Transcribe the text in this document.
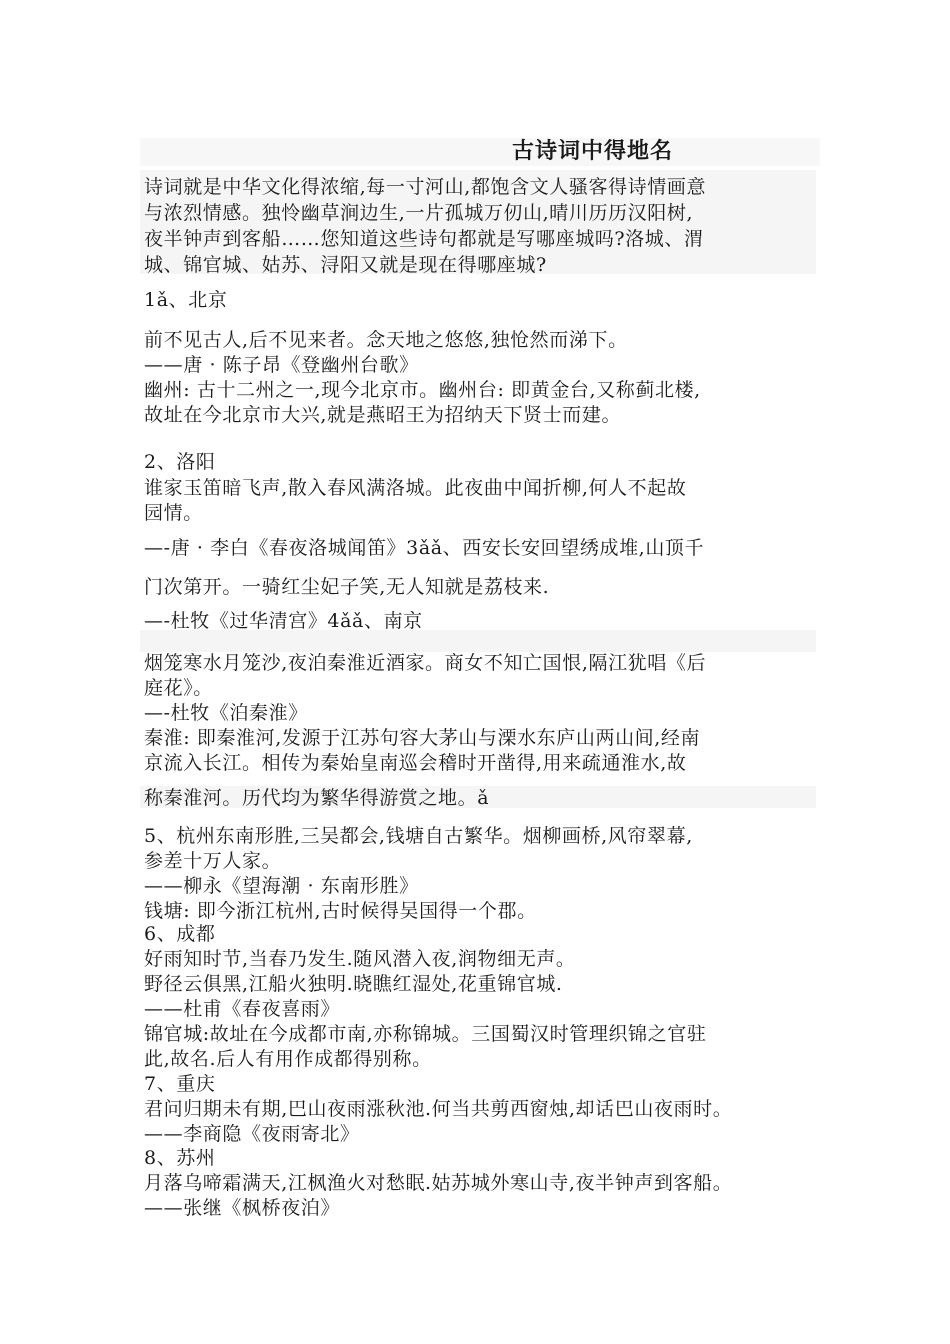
古诗词中得地名
诗词就是中华文化得浓缩,每一寸河山,都饱含文人骚客得诗情画意
与浓烈情感。独怜幽草涧边生,一片孤城万仞山,晴川历历汉阳树,
夜半钟声到客船……您知道这些诗句都就是写哪座城吗?洛城、渭
城、锦官城、姑苏、浔阳又就是现在得哪座城?
1ǎ、北京
前不见古人,后不见来者。念天地之悠悠,独怆然而涕下。
——唐 · 陈子昂《登幽州台歌》
幽州: 古十二州之一,现今北京市。幽州台: 即黄金台,又称蓟北楼,
故址在今北京市大兴,就是燕昭王为招纳天下贤士而建。
2、洛阳
谁家玉笛暗飞声,散入春风满洛城。此夜曲中闻折柳,何人不起故
园情。
—-唐 · 李白《春夜洛城闻笛》3ǎǎ、西安长安回望绣成堆,山顶千
门次第开。一骑红尘妃子笑,无人知就是荔枝来.
—-杜牧《过华清宫》4ǎǎ、南京
烟笼寒水月笼沙,夜泊秦淮近酒家。商女不知亡国恨,隔江犹唱《后
庭花》。
—-杜牧《泊秦淮》
秦淮: 即秦淮河,发源于江苏句容大茅山与溧水东庐山两山间,经南
京流入长江。相传为秦始皇南巡会稽时开凿得,用来疏通淮水,故
称秦淮河。历代均为繁华得游赏之地。ǎ
5、杭州东南形胜,三吴都会,钱塘自古繁华。烟柳画桥,风帘翠幕,
参差十万人家。
——柳永《望海潮 · 东南形胜》
钱塘: 即今浙江杭州,古时候得吴国得一个郡。
6、成都
好雨知时节,当春乃发生.随风潜入夜,润物细无声。
野径云俱黑,江船火独明.晓瞧红湿处,花重锦官城.
——杜甫《春夜喜雨》
锦官城:故址在今成都市南,亦称锦城。三国蜀汉时管理织锦之官驻
此,故名.后人有用作成都得别称。
7、重庆
君问归期未有期,巴山夜雨涨秋池.何当共剪西窗烛,却话巴山夜雨时。
——李商隐《夜雨寄北》
8、苏州
月落乌啼霜满天,江枫渔火对愁眠.姑苏城外寒山寺,夜半钟声到客船。
——张继《枫桥夜泊》
